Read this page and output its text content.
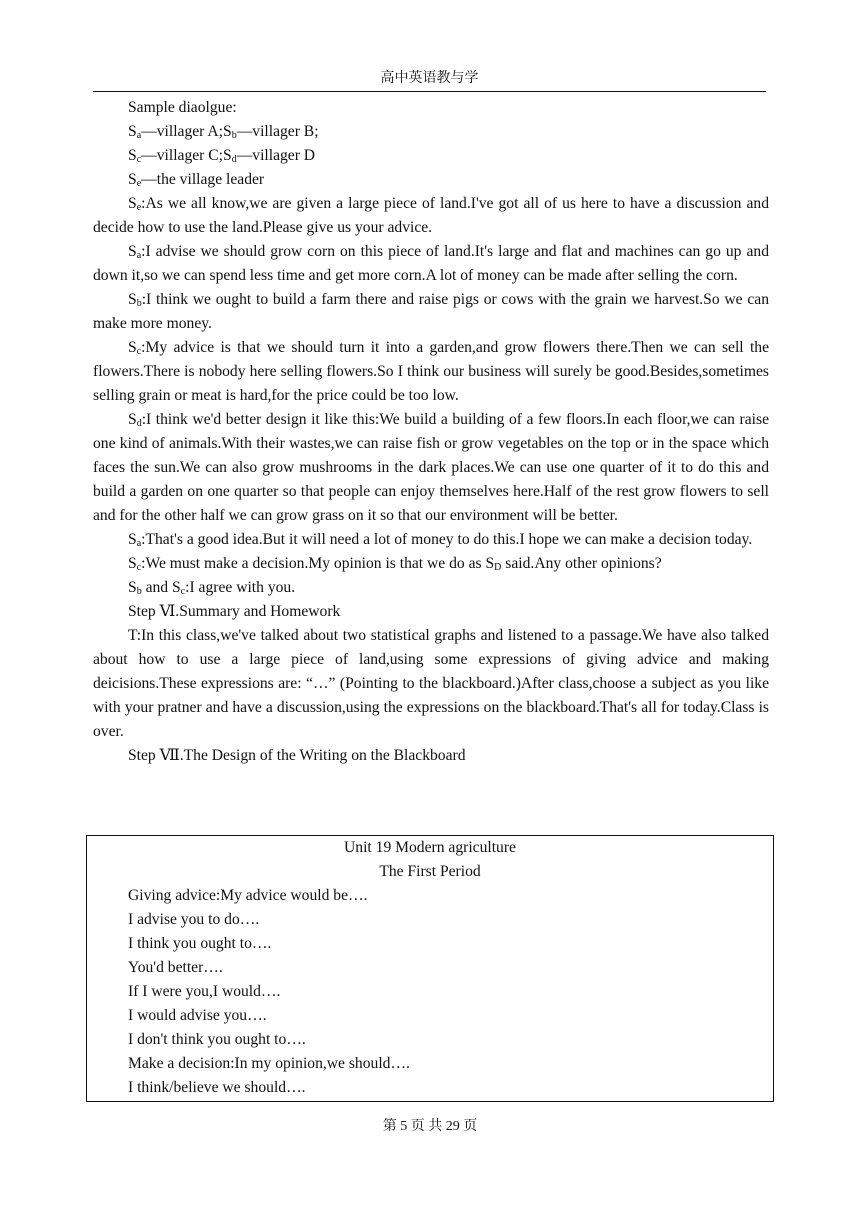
高中英语教与学

Sample diaolgue:

$S_a—villager$ $A;S_b—villager$ B;

$S_c—villager$ $C;S_d—villager$ D

$S_e—the$ village leader

$S_e:As$ we all know,we are given a large piece of land.I've got all of us here to have a discussion and decide how to use the land.Please give us your advice.

$S_a:I$ advise we should grow corn on this piece of land.It's large and flat and machines can go up and down it,so we can spend less time and get more corn.A lot of money can be made after selling the corn.

$S_b:I$ think we ought to build a farm there and raise pigs or cows with the grain we harvest.So we can make more money.

$S_c:My$ advice is that we should turn it into a garden,and grow flowers there.Then we can sell the flowers.There is nobody here selling flowers.So I think our business will surely be good.Besides,sometimes selling grain or meat is hard,for the price could be too low.

$S_d:I$ think we'd better design it like this:We build a building of a few floors.In each floor,we can raise one kind of animals.With their wastes,we can raise fish or grow vegetables on the top or in the space which faces the sun.We can also grow mushrooms in the dark places.We can use one quarter of it to do this and build a garden on one quarter so that people can enjoy themselves here.Half of the rest grow flowers to sell and for the other half we can grow grass on it so that our environment will be better.

$S_a:That's$ a good idea.But it will need a lot of money to do this.I hope we can make a decision today.

$S_c:We$ must make a decision.My opinion is that we do as $S_D$ said.Any other opinions?

$S_b$ and $S_c:I$ agree with you.

Step Ⅵ.Summary and Homework

T:In this class,we've talked about two statistical graphs and listened to a passage.We have also talked about how to use a large piece of land,using some expressions of giving advice and making deicisions.These expressions are: “…” (Pointing to the blackboard.)After class,choose a subject as you like with your pratner and have a discussion,using the expressions on the blackboard.That's all for today.Class is over.

Step Ⅶ.The Design of the Writing on the Blackboard

Unit 19 Modern agriculture
The First Period
Giving advice:My advice would be….
I advise you to do….
I think you ought to….
You'd better….
If I were you,I would….
I would advise you….
I don't think you ought to….
Make a decision:In my opinion,we should….
I think/believe we should….
第 5 页 共 29 页
